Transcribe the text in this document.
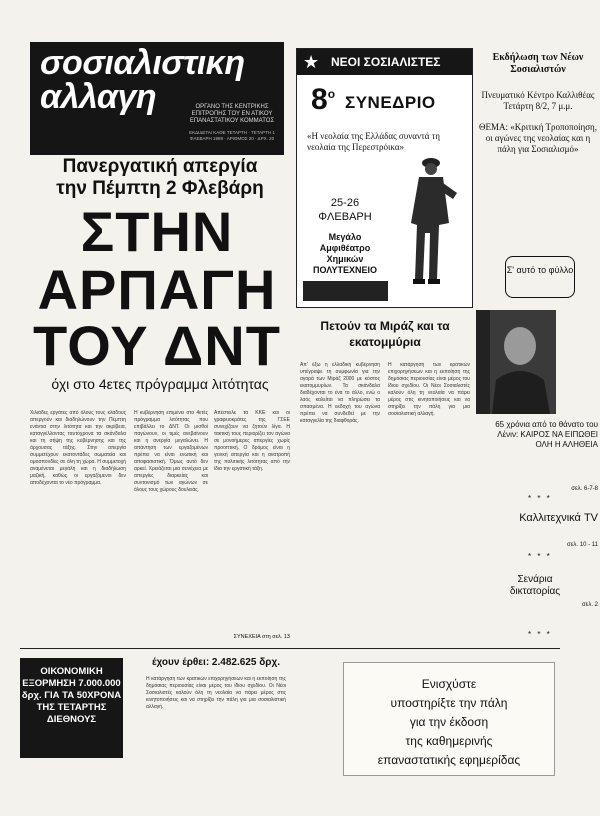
σοσιαλιστικη
αλλαγη	ΟΡΓΑΝΟ ΤΗΣ ΚΕΝΤΡΙΚΗΣ ΕΠΙΤΡΟΠΗΣ ΤΟΥ ΕΝ ΑΤΙΚΟΥ ΕΠΑΝΑΣΤΑΤΙΚΟΥ ΚΟΜΜΑΤΟΣ
ΕΚΔΙΔΕΤΑΙ ΚΑΘΕ ΤΕΤΑΡΤΗ · ΤΕΤΑΡΤΗ 1 ΦΛΕΒΑΡΗ 1989 · ΑΡΙΘΜΟΣ 20 · ΔΡΧ. 20
Πανεργατική απεργία
την Πέμπτη 2 Φλεβάρη
ΣΤΗΝ
ΑΡΠΑΓΗ
ΤΟΥ ΔΝΤ
όχι στο 4ετες πρόγραμμα λιτότητας
Χιλιάδες εργάτες από όλους τους κλάδους απεργούν και διαδηλώνουν την Πέμπτη ενάντια στην λιτότητα και την ακρίβεια, καταγγέλλοντας ταυτόχρονα τα σκάνδαλα και τη σήψη της κυβέρνησης και της άρχουσας τάξης. Στην απεργία συμμετέχουν εκατοντάδες σωματεία και ομοσπονδίες σε όλη τη χώρα. Η συμμετοχή αναμένεται μεγάλη και η διαδήλωση μαζική, καθώς οι εργαζόμενοι δεν αποδέχονται το νέο πρόγραμμα.
Η κυβέρνηση επιμένει στο 4ετές πρόγραμμα λιτότητας που επιβάλλει το ΔΝΤ. Οι μισθοί παγώνουν, οι τιμές ανεβαίνουν και η ανεργία μεγαλώνει. Η απάντηση των εργαζομένων πρέπει να είναι ενωτική και αποφασιστική. Όμως αυτό δεν αρκεί. Χρειάζεται μια συνέχεια με απεργίες διαρκείας και συντονισμό των αγώνων σε όλους τους χώρους δουλειάς.
Απέστειλε τα ΚΚΕ και οι γραφειοκράτες της ΓΣΕΕ συνεχίζουν να ζητούν λίγα. Η τακτική τους περιορίζει τον αγώνα σε μονοήμερες απεργίες χωρίς προοπτική. Ο δρόμος είναι η γενική απεργία και η ανατροπή της πολιτικής λιτότητας από την ίδια την εργατική τάξη.
ΣΥΝΕΧΕΙΑ στη σελ. 13
★ ΝΕΟΙ ΣΟΣΙΑΛΙΣΤΕΣ
$8^o$ ΣΥΝΕΔΡΙΟ
«Η νεολαία της Ελλάδας συναντά τη νεολαία της Περεστρόικα»
25-26 ΦΛΕΒΑΡΗ
Μεγάλο Αμφιθέατρο Χημικών ΠΟΛΥΤΕΧΝΕΙΟ
Εκδήλωση των Νέων Σοσιαλιστών
Πνευματικό Κέντρο Καλλιθέας
Τετάρτη 8/2, 7 μ.μ.
ΘΕΜΑ: «Κριτική Τροποποίηση, οι αγώνες της νεολαίας και η πάλη για Σοσιαλισμό»
Σ' αυτό το φύλλο
Πετούν τα Μιράζ και τα εκατομμύρια
Απ' έξω η ελλαδική κυβέρνηση υπέγραψε τη συμφωνία για την αγορά των Μιράζ 2000 με κόστος εκατομμυρίων. Τα σκάνδαλα διαδέχονται το ένα το άλλο, ενώ ο λαός καλείται να πληρώσει τα σπασμένα. Η εκδοχή του αγώνα πρέπει να συνδεθεί με την καταγγελία της διαφθοράς.
Η κατάργηση των κρατικών επιχορηγήσεων και η εκποίηση της δημόσιας περιουσίας είναι μέρος του ίδιου σχεδίου. Οι Νέοι Σοσιαλιστές καλούν όλη τη νεολαία να πάρει μέρος στις κινητοποιήσεις και να στηρίξει την πάλη για μια σοσιαλιστική αλλαγή.
65 χρόνια από το θάνατο του Λένιν: ΚΑΙΡΟΣ ΝΑ ΕΙΠΩΘΕΙ ΟΛΗ Η ΑΛΗΘΕΙΑ
σελ. 6-7-8
* * *
Καλλιτεχνικά TV
σελ. 10 - 11
* * *
Σενάρια δικτατορίας
σελ. 2
* * *
ΟΙΚΟΝΟΜΙΚΗ ΕΞΟΡΜΗΣΗ 7.000.000 δρχ. ΓΙΑ ΤΑ 50ΧΡΟΝΑ ΤΗΣ ΤΕΤΑΡΤΗΣ ΔΙΕΘΝΟΥΣ
έχουν έρθει: 2.482.625 δρχ.
Η κατάργηση των κρατικών επιχορηγήσεων και η εκποίηση της δημόσιας περιουσίας είναι μέρος του ίδιου σχεδίου. Οι Νέοι Σοσιαλιστές καλούν όλη τη νεολαία να πάρει μέρος στις κινητοποιήσεις και να στηρίξει την πάλη για μια σοσιαλιστική αλλαγή.
Ενισχύστε
υποστηρίξτε την πάλη
για την έκδοση
της καθημερινής
επαναστατικής εφημερίδας
